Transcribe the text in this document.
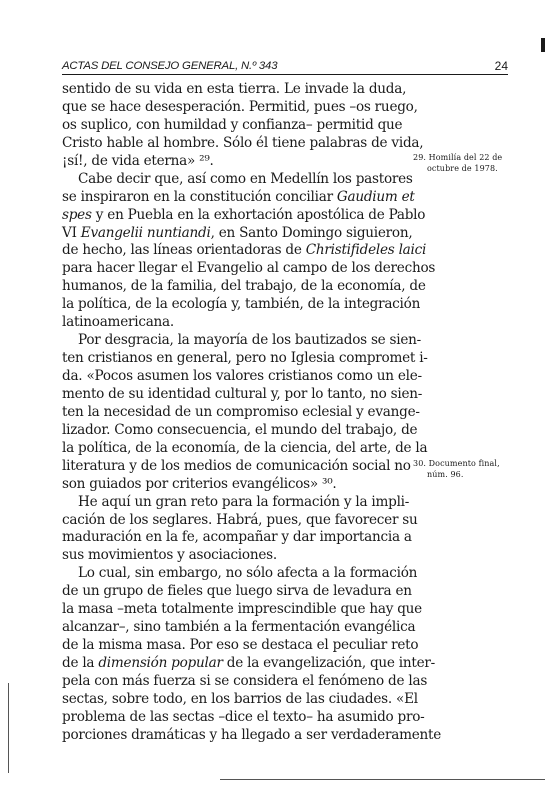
ACTAS DEL CONSEJO GENERAL, N.º 343	24
sentido de su vida en esta tierra. Le invade la duda,
que se hace desesperación. Permitid, pues –os ruego,
os suplico, con humildad y confianza– permitid que
Cristo hable al hombre. Sólo él tiene palabras de vida,
¡sí!, de vida eterna» ²⁹.
Cabe decir que, así como en Medellín los pastores
se inspiraron en la constitución conciliar Gaudium et
spes y en Puebla en la exhortación apostólica de Pablo
VI Evangelii nuntiandi, en Santo Domingo siguieron,
de hecho, las líneas orientadoras de Christifideles laici
para hacer llegar el Evangelio al campo de los derechos
humanos, de la familia, del trabajo, de la economía, de
la política, de la ecología y, también, de la integración
latinoamericana.
Por desgracia, la mayoría de los bautizados se sien-
ten cristianos en general, pero no Iglesia compromet i-
da. «Pocos asumen los valores cristianos como un ele-
mento de su identidad cultural y, por lo tanto, no sien-
ten la necesidad de un compromiso eclesial y evange-
lizador. Como consecuencia, el mundo del trabajo, de
la política, de la economía, de la ciencia, del arte, de la
literatura y de los medios de comunicación social no
son guiados por criterios evangélicos» ³⁰.
He aquí un gran reto para la formación y la impli-
cación de los seglares. Habrá, pues, que favorecer su
maduración en la fe, acompañar y dar importancia a
sus movimientos y asociaciones.
Lo cual, sin embargo, no sólo afecta a la formación
de un grupo de fieles que luego sirva de levadura en
la masa –meta totalmente imprescindible que hay que
alcanzar–, sino también a la fermentación evangélica
de la misma masa. Por eso se destaca el peculiar reto
de la dimensión popular de la evangelización, que inter-
pela con más fuerza si se considera el fenómeno de las
sectas, sobre todo, en los barrios de las ciudades. «El
problema de las sectas –dice el texto– ha asumido pro-
porciones dramáticas y ha llegado a ser verdaderamente
29. Homilía del 22 de
octubre de 1978.
30. Documento final,
núm. 96.
